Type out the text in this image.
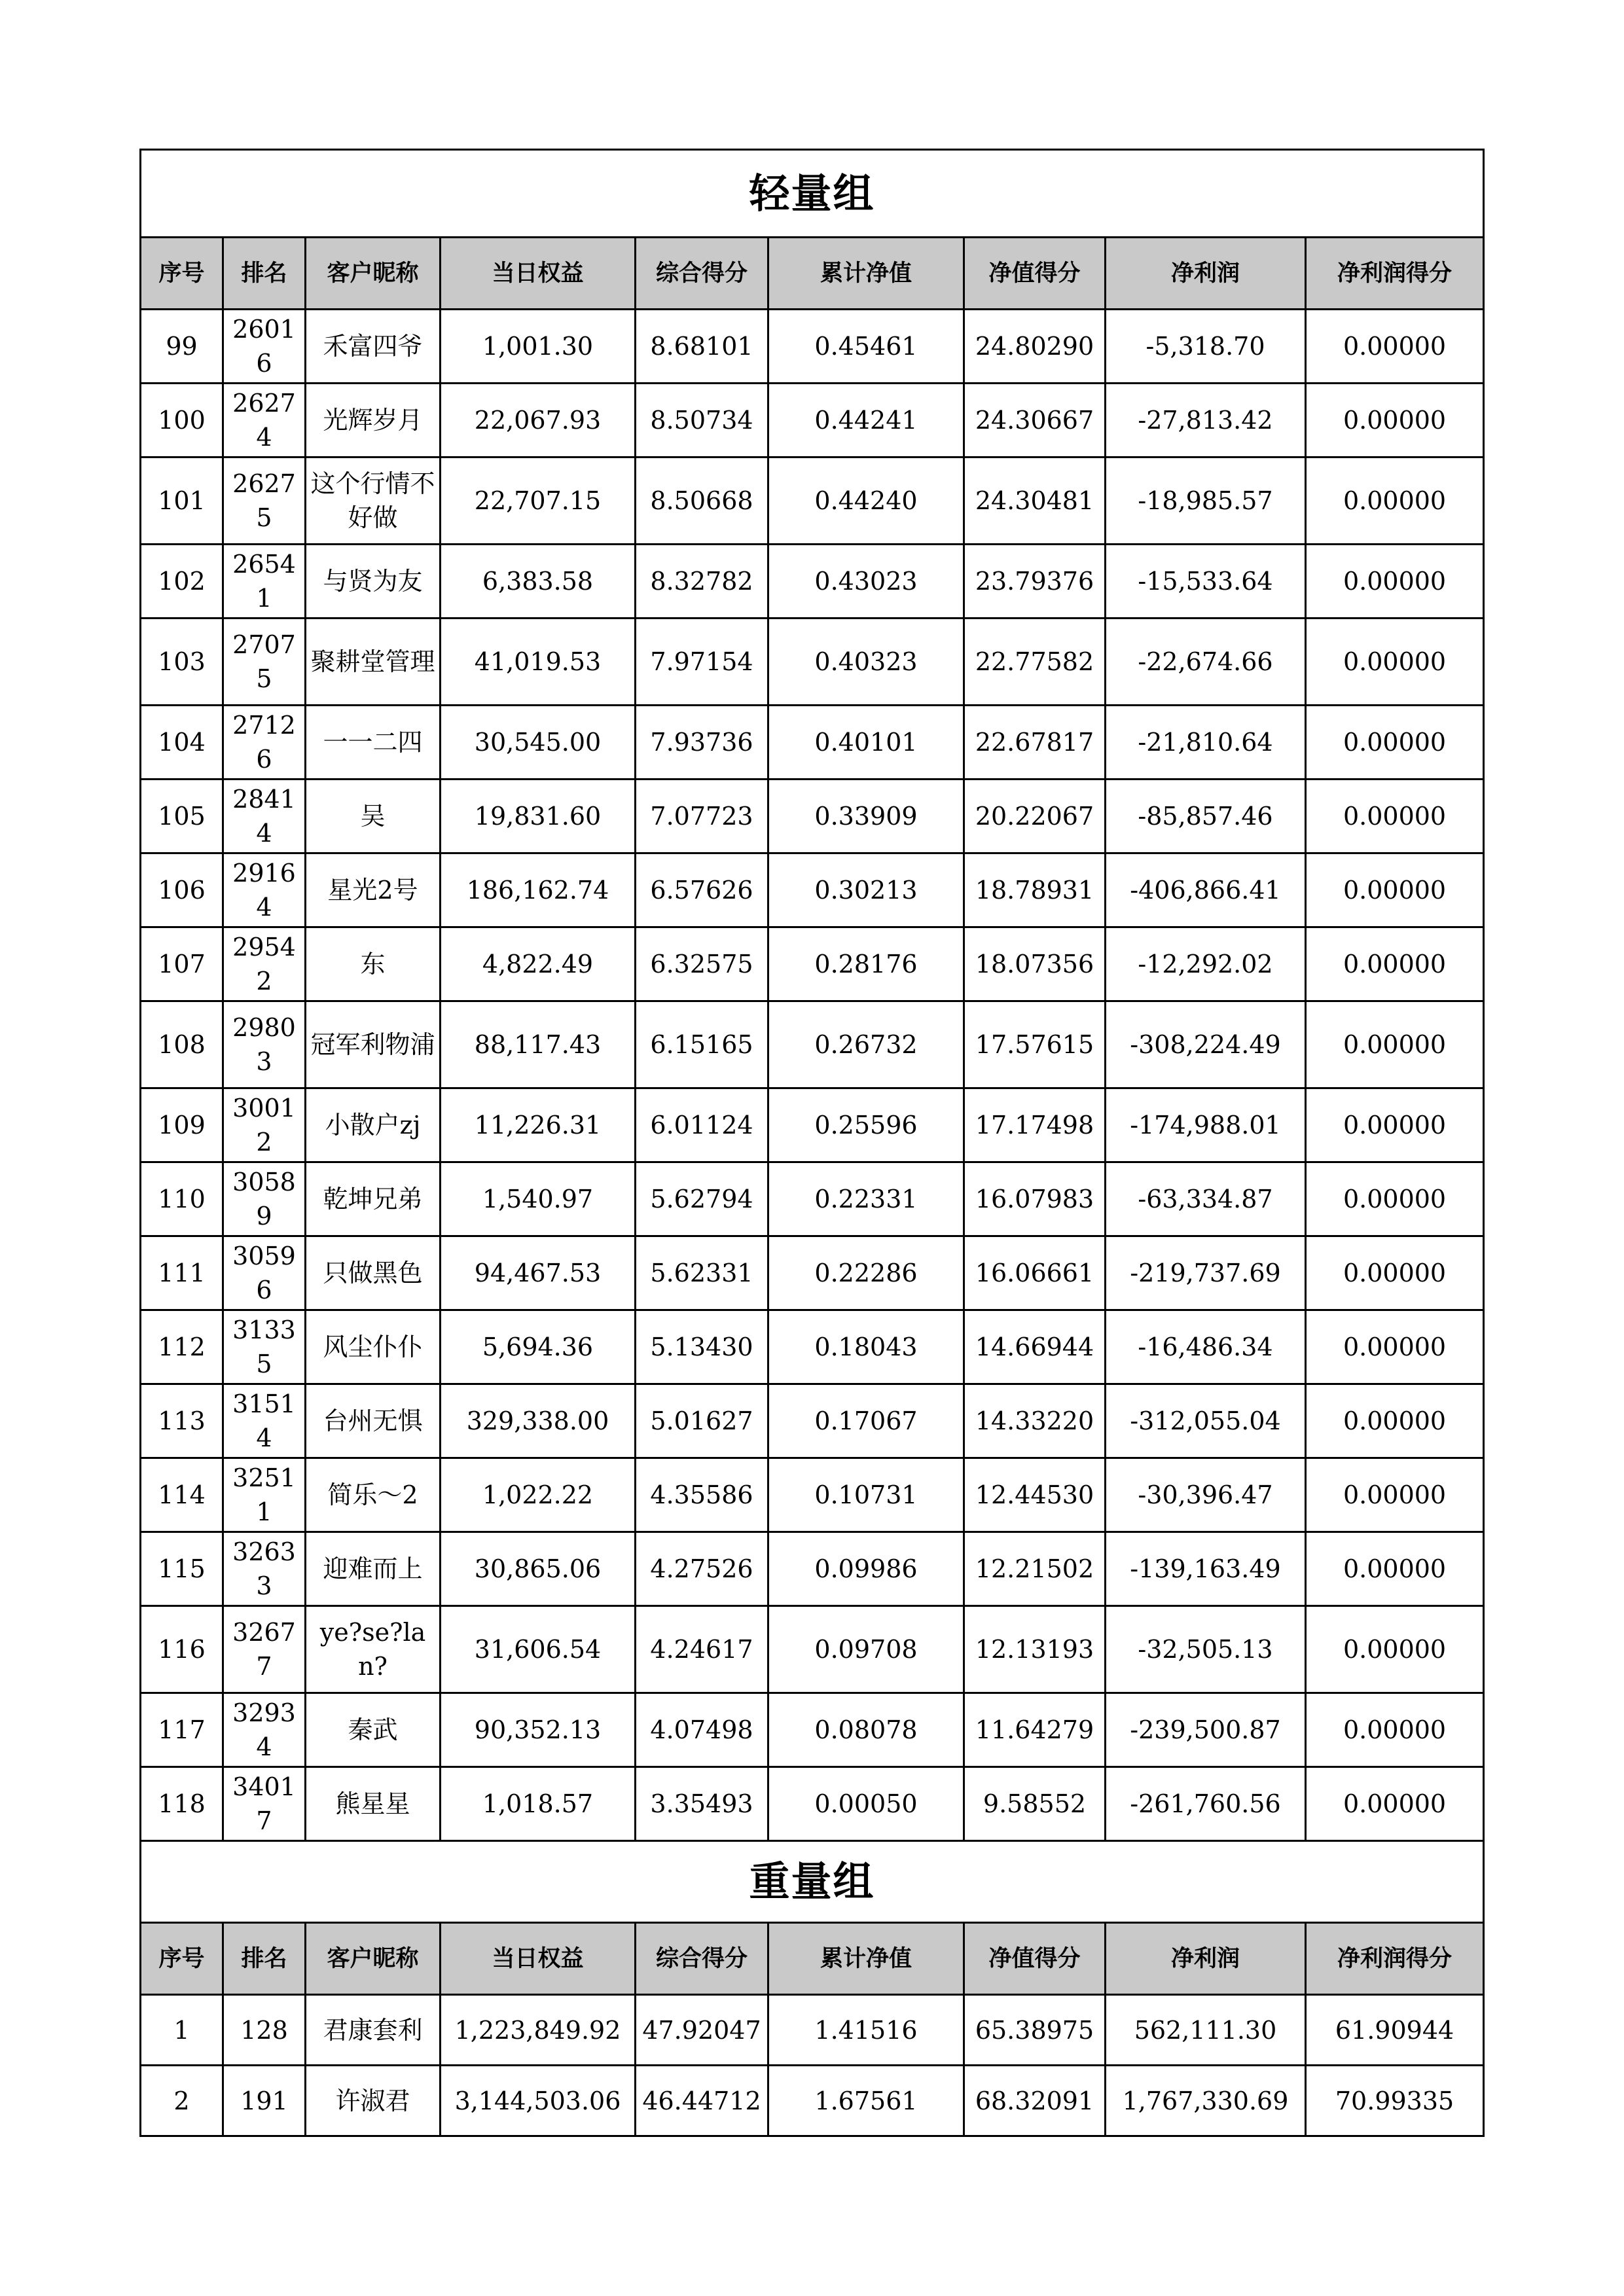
轻量组								
序号	排名	客户昵称	当日权益	综合得分	累计净值	净值得分	净利润	净利润得分
99	26016	禾富四爷	1,001.30	8.68101	0.45461	24.80290	-5,318.70	0.00000
100	26274	光辉岁月	22,067.93	8.50734	0.44241	24.30667	-27,813.42	0.00000
101	26275	这个行情不好做	22,707.15	8.50668	0.44240	24.30481	-18,985.57	0.00000
102	26541	与贤为友	6,383.58	8.32782	0.43023	23.79376	-15,533.64	0.00000
103	27075	聚耕堂管理	41,019.53	7.97154	0.40323	22.77582	-22,674.66	0.00000
104	27126	一一二四	30,545.00	7.93736	0.40101	22.67817	-21,810.64	0.00000
105	28414	吴	19,831.60	7.07723	0.33909	20.22067	-85,857.46	0.00000
106	29164	星光2号	186,162.74	6.57626	0.30213	18.78931	-406,866.41	0.00000
107	29542	东	4,822.49	6.32575	0.28176	18.07356	-12,292.02	0.00000
108	29803	冠军利物浦	88,117.43	6.15165	0.26732	17.57615	-308,224.49	0.00000
109	30012	小散户zj	11,226.31	6.01124	0.25596	17.17498	-174,988.01	0.00000
110	30589	乾坤兄弟	1,540.97	5.62794	0.22331	16.07983	-63,334.87	0.00000
111	30596	只做黑色	94,467.53	5.62331	0.22286	16.06661	-219,737.69	0.00000
112	31335	风尘仆仆	5,694.36	5.13430	0.18043	14.66944	-16,486.34	0.00000
113	31514	台州无惧	329,338.00	5.01627	0.17067	14.33220	-312,055.04	0.00000
114	32511	简乐～2	1,022.22	4.35586	0.10731	12.44530	-30,396.47	0.00000
115	32633	迎难而上	30,865.06	4.27526	0.09986	12.21502	-139,163.49	0.00000
116	32677	ye?se?lan?	31,606.54	4.24617	0.09708	12.13193	-32,505.13	0.00000
117	32934	秦武	90,352.13	4.07498	0.08078	11.64279	-239,500.87	0.00000
118	34017	熊星星	1,018.57	3.35493	0.00050	9.58552	-261,760.56	0.00000
重量组								
序号	排名	客户昵称	当日权益	综合得分	累计净值	净值得分	净利润	净利润得分
1	128	君康套利	1,223,849.92	47.92047	1.41516	65.38975	562,111.30	61.90944
2	191	许淑君	3,144,503.06	46.44712	1.67561	68.32091	1,767,330.69	70.99335
